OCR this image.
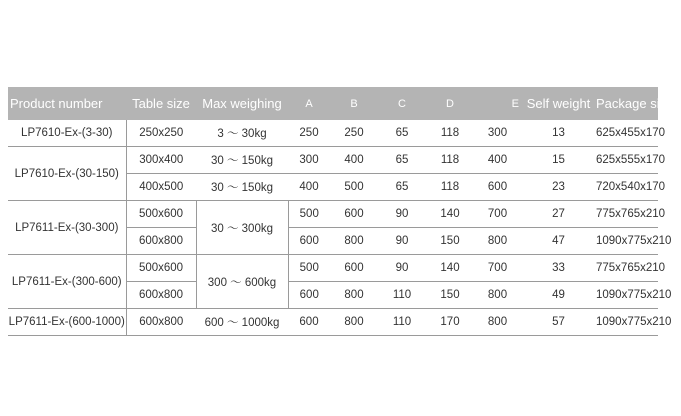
Product number	Table size	Max weighing	A	B	C	D	E	Self weight	Package size
LP7610-Ex-(3-30)	250x250	3 ～ 30kg	250	250	65	118	300	13	625x455x170
LP7610-Ex-(30-150)	300x400	30 ～ 150kg	300	400	65	118	400	15	625x555x170
	400x500	30 ～ 150kg	400	500	65	118	600	23	720x540x170
LP7611-Ex-(30-300)	500x600	30 ～ 300kg	500	600	90	140	700	27	775x765x210
	600x800		600	800	90	150	800	47	1090x775x210
LP7611-Ex-(300-600)	500x600	300 ～ 600kg	500	600	90	140	700	33	775x765x210
	600x800		600	800	110	150	800	49	1090x775x210
LP7611-Ex-(600-1000)	600x800	600 ～ 1000kg	600	800	110	170	800	57	1090x775x210
